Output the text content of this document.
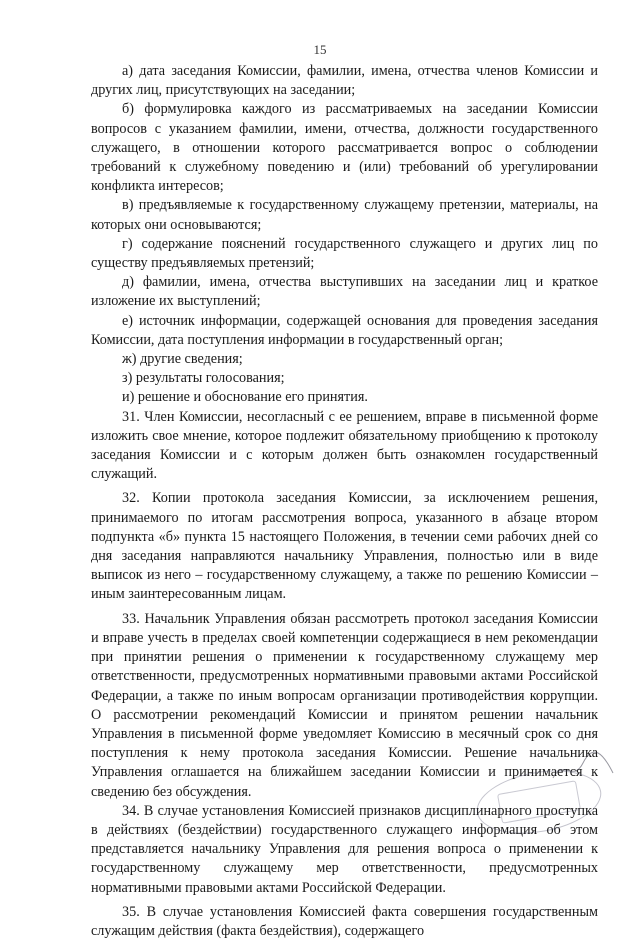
15

а) дата заседания Комиссии, фамилии, имена, отчества членов Комиссии и других лиц, присутствующих на заседании;

б) формулировка каждого из рассматриваемых на заседании Комиссии вопросов с указанием фамилии, имени, отчества, должности государственного служащего, в отношении которого рассматривается вопрос о соблюдении требований к служебному поведению и (или) требований об урегулировании конфликта интересов;

в) предъявляемые к государственному служащему претензии, материалы, на которых они основываются;

г) содержание пояснений государственного служащего и других лиц по существу предъявляемых претензий;

д) фамилии, имена, отчества выступивших на заседании лиц и краткое изложение их выступлений;

е) источник информации, содержащей основания для проведения заседания Комиссии, дата поступления информации в государственный орган;

ж) другие сведения;

з) результаты голосования;

и) решение и обоснование его принятия.

31. Член Комиссии, несогласный с ее решением, вправе в письменной форме изложить свое мнение, которое подлежит обязательному приобщению к протоколу заседания Комиссии и с которым должен быть ознакомлен государственный служащий.

32. Копии протокола заседания Комиссии, за исключением решения, принимаемого по итогам рассмотрения вопроса, указанного в абзаце втором подпункта «б» пункта 15 настоящего Положения, в течении семи рабочих дней со дня заседания направляются начальнику Управления, полностью или в виде выписок из него – государственному служащему, а также по решению Комиссии – иным заинтересованным лицам.

33. Начальник Управления обязан рассмотреть протокол заседания Комиссии и вправе учесть в пределах своей компетенции содержащиеся в нем рекомендации при принятии решения о применении к государственному служащему мер ответственности, предусмотренных нормативными правовыми актами Российской Федерации, а также по иным вопросам организации противодействия коррупции. О рассмотрении рекомендаций Комиссии и принятом решении начальник Управления в письменной форме уведомляет Комиссию в месячный срок со дня поступления к нему протокола заседания Комиссии. Решение начальника Управления оглашается на ближайшем заседании Комиссии и принимается к сведению без обсуждения.

34. В случае установления Комиссией признаков дисциплинарного проступка в действиях (бездействии) государственного служащего информация об этом представляется начальнику Управления для решения вопроса о применении к государственному служащему мер ответственности, предусмотренных нормативными правовыми актами Российской Федерации.

35. В случае установления Комиссией факта совершения государственным служащим действия (факта бездействия), содержащего
